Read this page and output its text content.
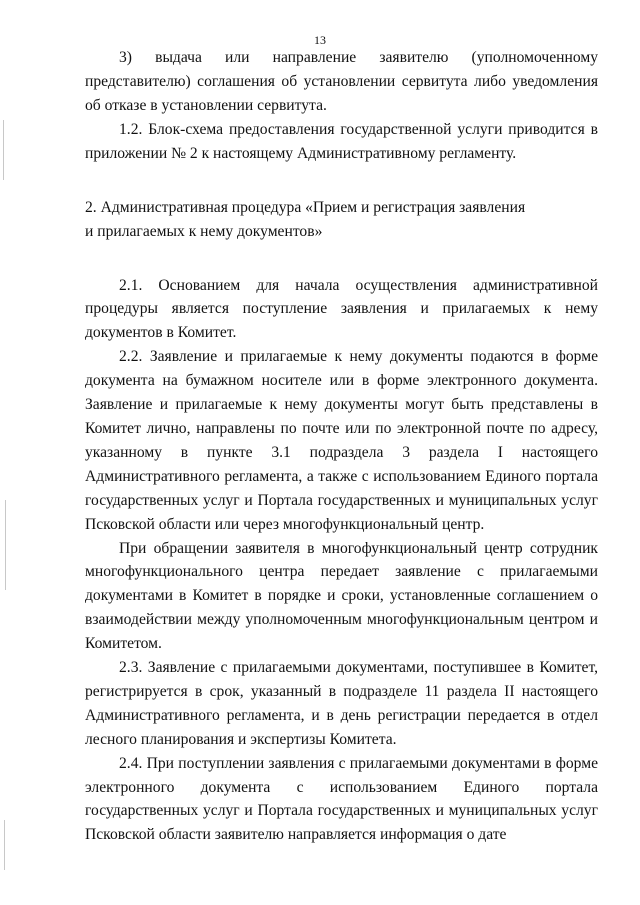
13

3) выдача или направление заявителю (уполномоченному представителю) соглашения об установлении сервитута либо уведомления об отказе в установлении сервитута.

1.2. Блок-схема предоставления государственной услуги приводится в приложении № 2 к настоящему Административному регламенту.

2. Административная процедура «Прием и регистрация заявления
и прилагаемых к нему документов»

2.1. Основанием для начала осуществления административной процедуры является поступление заявления и прилагаемых к нему документов в Комитет.

2.2. Заявление и прилагаемые к нему документы подаются в форме документа на бумажном носителе или в форме электронного документа. Заявление и прилагаемые к нему документы могут быть представлены в Комитет лично, направлены по почте или по электронной почте по адресу, указанному в пункте 3.1 подраздела 3 раздела I настоящего Административного регламента, а также с использованием Единого портала государственных услуг и Портала государственных и муниципальных услуг Псковской области или через многофункциональный центр.

При обращении заявителя в многофункциональный центр сотрудник многофункционального центра передает заявление с прилагаемыми документами в Комитет в порядке и сроки, установленные соглашением о взаимодействии между уполномоченным многофункциональным центром и Комитетом.

2.3. Заявление с прилагаемыми документами, поступившее в Комитет, регистрируется в срок, указанный в подразделе 11 раздела II настоящего Административного регламента, и в день регистрации передается в отдел лесного планирования и экспертизы Комитета.

2.4. При поступлении заявления с прилагаемыми документами в форме электронного документа с использованием Единого портала государственных услуг и Портала государственных и муниципальных услуг Псковской области заявителю направляется информация о дате
